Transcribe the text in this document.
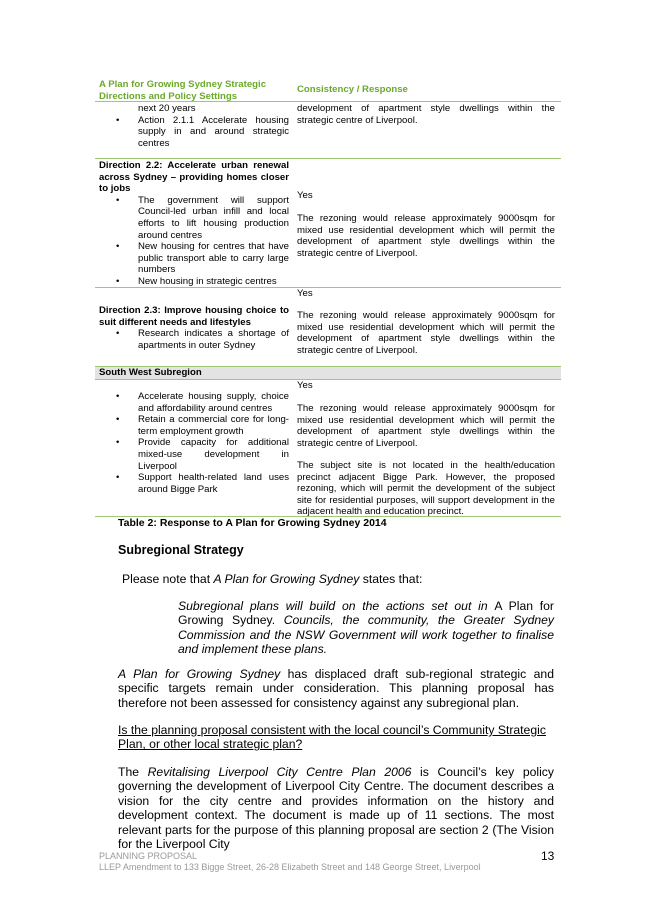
A Plan for Growing Sydney Strategic Directions and Policy Settings
Consistency / Response
next 20 years
• Action 2.1.1 Accelerate housing supply in and around strategic centres
development of apartment style dwellings within the strategic centre of Liverpool.
Direction 2.2: Accelerate urban renewal across Sydney – providing homes closer to jobs
• The government will support Council-led urban infill and local efforts to lift housing production around centres
• New housing for centres that have public transport able to carry large numbers
• New housing in strategic centres
Yes
The rezoning would release approximately 9000sqm for mixed use residential development which will permit the development of apartment style dwellings within the strategic centre of Liverpool.
Yes
Direction 2.3: Improve housing choice to suit different needs and lifestyles
• Research indicates a shortage of apartments in outer Sydney
The rezoning would release approximately 9000sqm for mixed use residential development which will permit the development of apartment style dwellings within the strategic centre of Liverpool.
South West Subregion
Yes
• Accelerate housing supply, choice and affordability around centres
• Retain a commercial core for long-term employment growth
• Provide capacity for additional mixed-use development in Liverpool
• Support health-related land uses around Bigge Park
The rezoning would release approximately 9000sqm for mixed use residential development which will permit the development of apartment style dwellings within the strategic centre of Liverpool.
The subject site is not located in the health/education precinct adjacent Bigge Park. However, the proposed rezoning, which will permit the development of the subject site for residential purposes, will support development in the adjacent health and education precinct.
Table 2: Response to A Plan for Growing Sydney 2014
Subregional Strategy
Please note that A Plan for Growing Sydney states that:
Subregional plans will build on the actions set out in A Plan for Growing Sydney. Councils, the community, the Greater Sydney Commission and the NSW Government will work together to finalise and implement these plans.
A Plan for Growing Sydney has displaced draft sub-regional strategic and specific targets remain under consideration. This planning proposal has therefore not been assessed for consistency against any subregional plan.
Is the planning proposal consistent with the local council’s Community Strategic Plan, or other local strategic plan?
The Revitalising Liverpool City Centre Plan 2006 is Council’s key policy governing the development of Liverpool City Centre. The document describes a vision for the city centre and provides information on the history and development context. The document is made up of 11 sections. The most relevant parts for the purpose of this planning proposal are section 2 (The Vision for the Liverpool City
PLANNING PROPOSAL
LLEP Amendment to 133 Bigge Street, 26-28 Elizabeth Street and 148 George Street, Liverpool
13
